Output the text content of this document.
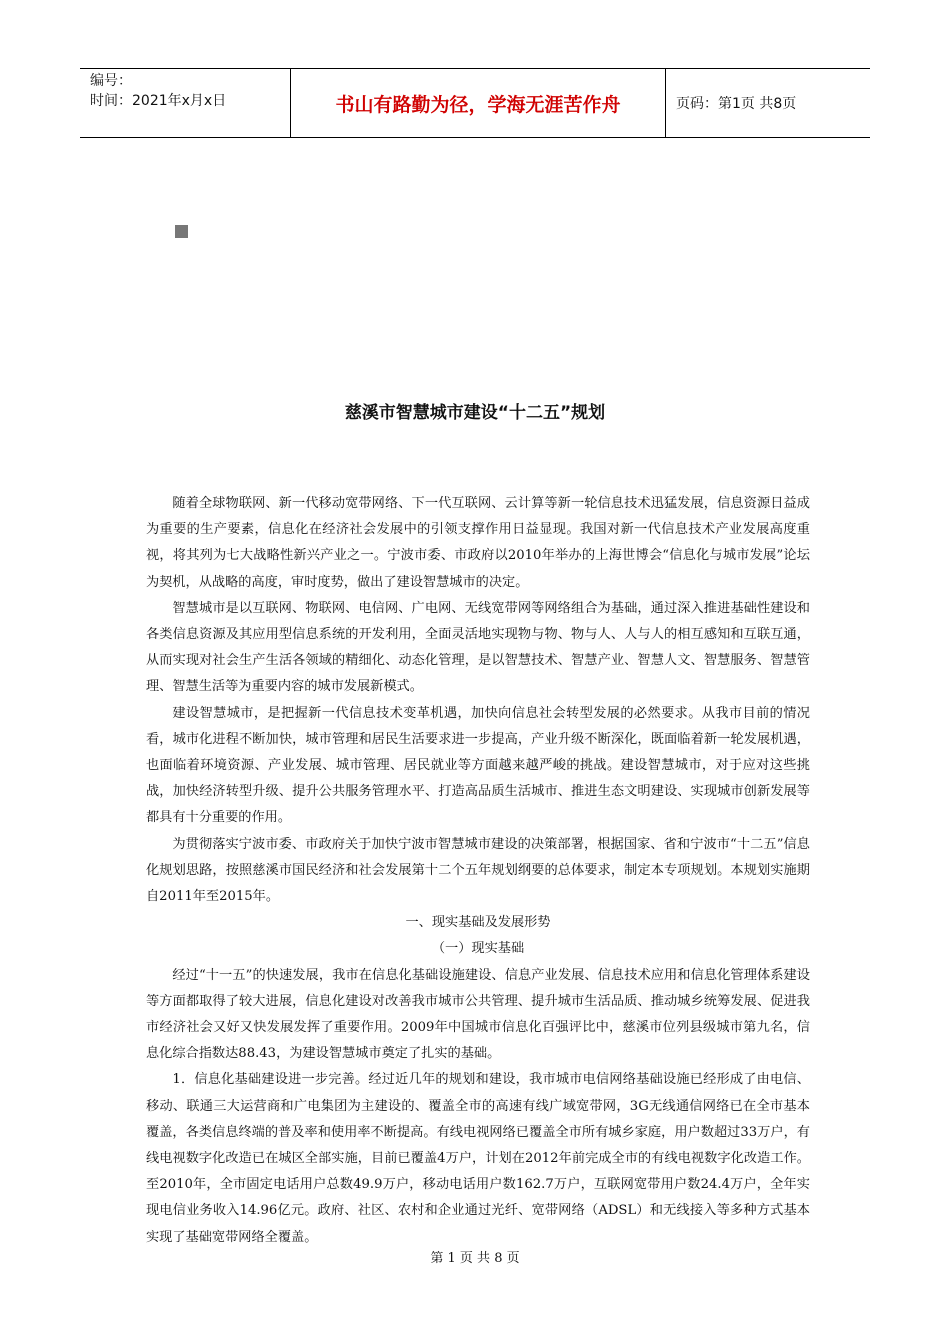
编号：
时间：2021年x月x日	书山有路勤为径，学海无涯苦作舟	页码：第1页 共8页
慈溪市智慧城市建设“十二五”规划

随着全球物联网、新一代移动宽带网络、下一代互联网、云计算等新一轮信息技术迅猛发展，信息资源日益成为重要的生产要素，信息化在经济社会发展中的引领支撑作用日益显现。我国对新一代信息技术产业发展高度重视，将其列为七大战略性新兴产业之一。宁波市委、市政府以2010年举办的上海世博会“信息化与城市发展”论坛为契机，从战略的高度，审时度势，做出了建设智慧城市的决定。

智慧城市是以互联网、物联网、电信网、广电网、无线宽带网等网络组合为基础，通过深入推进基础性建设和各类信息资源及其应用型信息系统的开发利用，全面灵活地实现物与物、物与人、人与人的相互感知和互联互通，从而实现对社会生产生活各领域的精细化、动态化管理，是以智慧技术、智慧产业、智慧人文、智慧服务、智慧管理、智慧生活等为重要内容的城市发展新模式。

建设智慧城市，是把握新一代信息技术变革机遇，加快向信息社会转型发展的必然要求。从我市目前的情况看，城市化进程不断加快，城市管理和居民生活要求进一步提高，产业升级不断深化，既面临着新一轮发展机遇，也面临着环境资源、产业发展、城市管理、居民就业等方面越来越严峻的挑战。建设智慧城市，对于应对这些挑战，加快经济转型升级、提升公共服务管理水平、打造高品质生活城市、推进生态文明建设、实现城市创新发展等都具有十分重要的作用。

为贯彻落实宁波市委、市政府关于加快宁波市智慧城市建设的决策部署，根据国家、省和宁波市“十二五”信息化规划思路，按照慈溪市国民经济和社会发展第十二个五年规划纲要的总体要求，制定本专项规划。本规划实施期自2011年至2015年。

一、现实基础及发展形势

（一）现实基础

经过“十一五”的快速发展，我市在信息化基础设施建设、信息产业发展、信息技术应用和信息化管理体系建设等方面都取得了较大进展，信息化建设对改善我市城市公共管理、提升城市生活品质、推动城乡统筹发展、促进我市经济社会又好又快发展发挥了重要作用。2009年中国城市信息化百强评比中，慈溪市位列县级城市第九名，信息化综合指数达88.43，为建设智慧城市奠定了扎实的基础。

1．信息化基础建设进一步完善。经过近几年的规划和建设，我市城市电信网络基础设施已经形成了由电信、移动、联通三大运营商和广电集团为主建设的、覆盖全市的高速有线广域宽带网，3G无线通信网络已在全市基本覆盖，各类信息终端的普及率和使用率不断提高。有线电视网络已覆盖全市所有城乡家庭，用户数超过33万户，有线电视数字化改造已在城区全部实施，目前已覆盖4万户，计划在2012年前完成全市的有线电视数字化改造工作。至2010年，全市固定电话用户总数49.9万户，移动电话用户数162.7万户，互联网宽带用户数24.4万户，全年实现电信业务收入14.96亿元。政府、社区、农村和企业通过光纤、宽带网络（ADSL）和无线接入等多种方式基本实现了基础宽带网络全覆盖。

第 1 页 共 8 页
